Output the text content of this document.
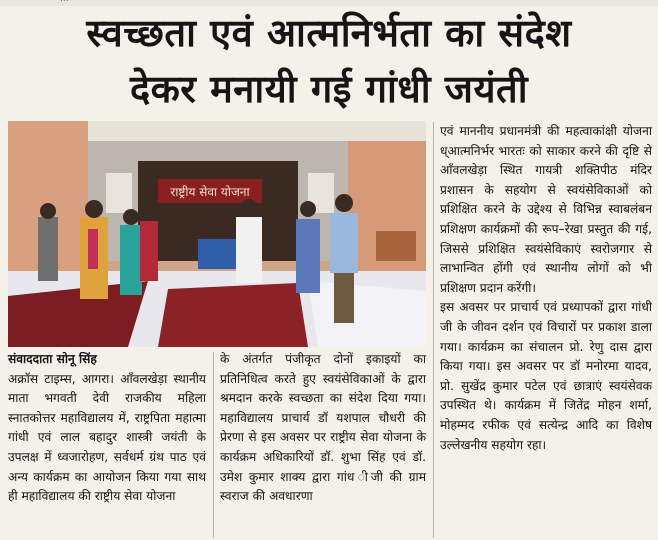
स्वच्छता एवं आत्मनिर्भता का संदेश
देकर मनायी गई गांधी जयंती
राष्ट्रीय सेवा योजना

संवाददाता सोनू सिंह

अक्रॉस टाइम्स, आगरा। आँवलखेड़ा स्थानीय माता भगवती देवी राजकीय महिला स्नातकोत्तर महाविद्यालय में, राष्ट्रपिता महात्मा गांधी एवं लाल बहादुर शास्त्री जयंती के उपलक्ष में ध्वजारोहण, सर्वधर्म ग्रंथ पाठ एवं अन्य कार्यक्रम का आयोजन किया गया साथ ही महाविद्यालय की राष्ट्रीय सेवा योजना

के अंतर्गत पंजीकृत दोनों इकाइयों का प्रतिनिधित्व करते हुए स्वयंसेविकाओं के द्वारा श्रमदान करके स्वच्छता का संदेश दिया गया। महाविद्यालय प्राचार्य डॉ यशपाल चौधरी की प्रेरणा से इस अवसर पर राष्ट्रीय सेवा योजना के कार्यक्रम अधिकारियों डॉ. शुभा सिंह एवं डॉ. उमेश कुमार शाक्य द्वारा गांध ीजी की ग्राम स्वराज की अवधारणा

एवं माननीय प्रधानमंत्री की महत्वाकांक्षी योजना ध्आत्मनिर्भर भारतः को साकार करने की दृष्टि से आँवलखेड़ा स्थित गायत्री शक्तिपीठ मंदिर प्रशासन के सहयोग से स्वयंसेविकाओं को प्रशिक्षित करने के उद्देश्य से विभिन्न स्वाबलंबन प्रशिक्षण कार्यक्रमों की रूप–रेखा प्रस्तुत की गई, जिससे प्रशिक्षित स्वयंसेविकाएं स्वरोजगार से लाभान्वित होंगी एवं स्थानीय लोगों को भी प्रशिक्षण प्रदान करेंगी।

इस अवसर पर प्राचार्य एवं प्रध्यापकों द्वारा गांधी जी के जीवन दर्शन एवं विचारों पर प्रकाश डाला गया। कार्यक्रम का संचालन प्रो. रेणु दास द्वारा किया गया। इस अवसर पर डॉ मनोरमा यादव, प्रो. सुखेंद्र कुमार पटेल एवं छात्राएं स्वयंसेवक उपस्थित थे। कार्यक्रम में जितेंद्र मोहन शर्मा, मोहम्मद रफीक एवं सत्येन्द्र आदि का विशेष उल्लेखनीय सहयोग रहा।
